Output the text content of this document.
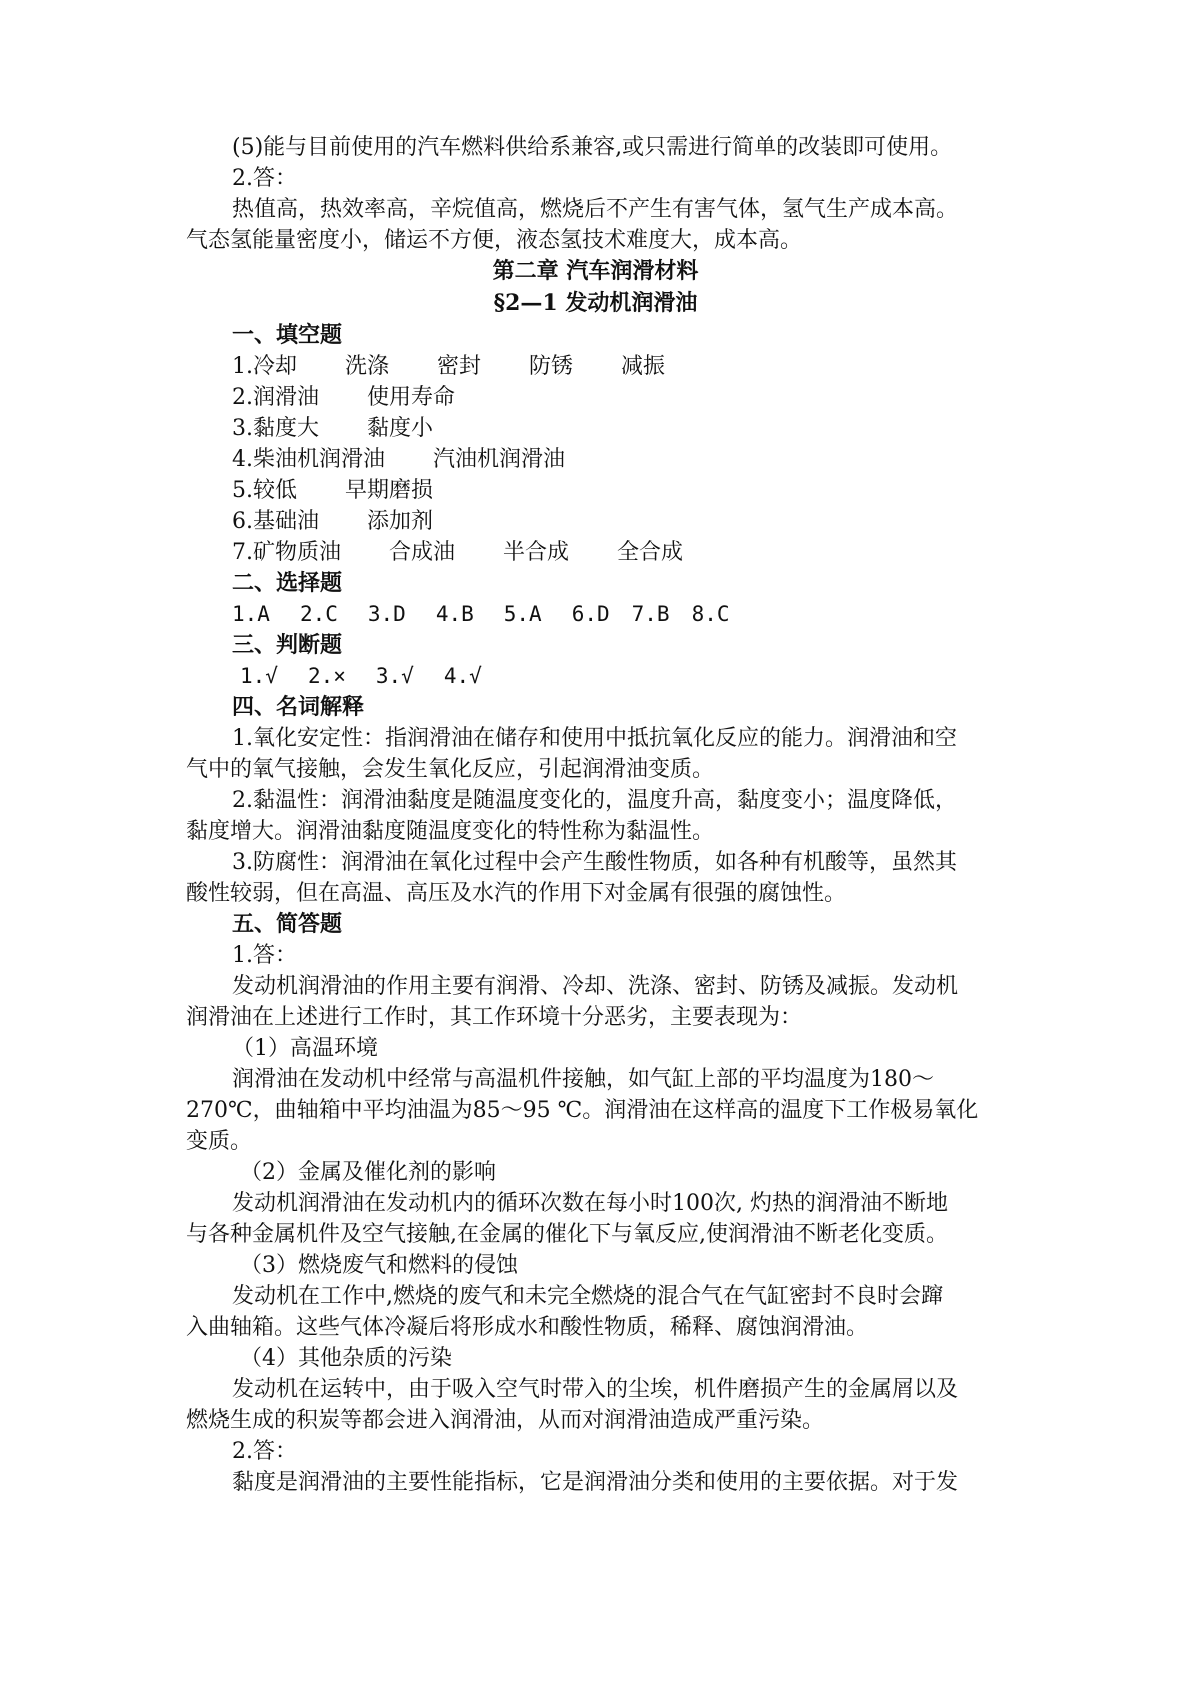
(5)能与目前使用的汽车燃料供给系兼容,或只需进行简单的改装即可使用。
2.答：
热值高，热效率高，辛烷值高，燃烧后不产生有害气体，氢气生产成本高。
气态氢能量密度小，储运不方便，液态氢技术难度大，成本高。
第二章 汽车润滑材料
§2—1 发动机润滑油
一、填空题
1.冷却 洗涤 密封 防锈 减振
2.润滑油 使用寿命
3.黏度大 黏度小
4.柴油机润滑油 汽油机润滑油
5.较低 早期磨损
6.基础油 添加剂
7.矿物质油 合成油 半合成 全合成
二、选择题
1.A 2.C 3.D 4.B 5.A 6.D 7.B 8.C
三、判断题
1.√ 2.× 3.√ 4.√
四、名词解释
1.氧化安定性：指润滑油在储存和使用中抵抗氧化反应的能力。润滑油和空
气中的氧气接触，会发生氧化反应，引起润滑油变质。
2.黏温性：润滑油黏度是随温度变化的，温度升高，黏度变小；温度降低，
黏度增大。润滑油黏度随温度变化的特性称为黏温性。
3.防腐性：润滑油在氧化过程中会产生酸性物质，如各种有机酸等，虽然其
酸性较弱，但在高温、高压及水汽的作用下对金属有很强的腐蚀性。
五、简答题
1.答：
发动机润滑油的作用主要有润滑、冷却、洗涤、密封、防锈及减振。发动机
润滑油在上述进行工作时，其工作环境十分恶劣，主要表现为：
（1）高温环境
润滑油在发动机中经常与高温机件接触，如气缸上部的平均温度为180～
270℃，曲轴箱中平均油温为85～95 ℃。润滑油在这样高的温度下工作极易氧化
变质。
（2）金属及催化剂的影响
发动机润滑油在发动机内的循环次数在每小时100次, 灼热的润滑油不断地
与各种金属机件及空气接触,在金属的催化下与氧反应,使润滑油不断老化变质。
（3）燃烧废气和燃料的侵蚀
发动机在工作中,燃烧的废气和未完全燃烧的混合气在气缸密封不良时会蹿
入曲轴箱。这些气体冷凝后将形成水和酸性物质，稀释、腐蚀润滑油。
（4）其他杂质的污染
发动机在运转中，由于吸入空气时带入的尘埃，机件磨损产生的金属屑以及
燃烧生成的积炭等都会进入润滑油，从而对润滑油造成严重污染。
2.答：
黏度是润滑油的主要性能指标，它是润滑油分类和使用的主要依据。对于发
